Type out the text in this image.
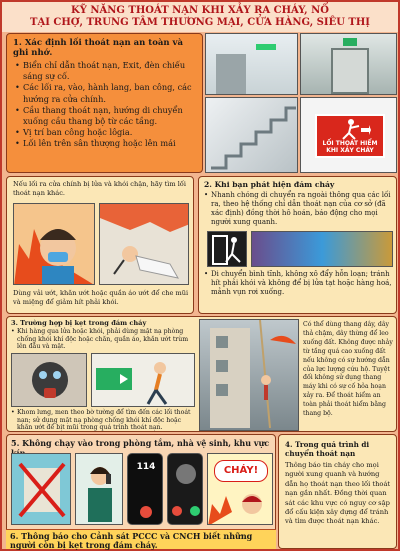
KỸ NĂNG THOÁT NẠN KHI XẢY RA CHÁY, NỔ
TẠI CHỢ, TRUNG TÂM THƯƠNG MẠI, CỬA HÀNG, SIÊU THỊ
1. Xác định lối thoát nạn an toàn và ghi nhớ.
• Biển chỉ dẫn thoát nạn, Exit, đèn chiếu sáng sự cố.
• Các lối ra, vào, hành lang, ban công, các hướng ra cửa chính.
• Cầu thang thoát nạn, hướng di chuyển xuống cầu thang bộ từ các tầng.
• Vị trí ban công hoặc lôgia.
• Lối lên trên sân thượng hoặc lên mái	LỐI THOÁT HIỂM KHI XẢY CHÁY
Nếu lối ra cửa chính bị lửa và khói chặn, hãy tìm lối thoát nạn khác.
Dùng vải ướt, khăn ướt hoặc quần áo ướt để che mũi và miệng để giảm hít phải khói.
2. Khi bạn phát hiện đám cháy
• Nhanh chóng di chuyển ra ngoài thông qua các lối ra, theo hệ thống chỉ dẫn thoát nạn của cơ sở (đã xác định) đồng thời hô hoán, báo động cho mọi người xung quanh.
• Di chuyển bình tĩnh, không xô đẩy hỗn loạn; tránh hít phải khói và không để bị lửa tạt hoặc hàng hoá, mảnh vụn rơi xuống.
3. Trường hợp bị kẹt trong đám cháy
• Khi hàng qua lửa hoặc khói, phải dùng mặt nạ phòng chống khói khí độc hoặc chăn, quần áo, khăn ướt trùm lên đầu và mặt.
• Khom lưng, men theo bờ tường để tìm đến các lối thoát nạn; sử dụng mặt nạ phòng chống khói khí độc hoặc khăn ướt để bịt mũi trong quá trình thoát nạn.
Có thể dùng thang dây, dây thả chậm, dây thừng để leo xuống đất. Không được nhảy từ tầng quá cao xuống đất nếu không có sự hướng dẫn của lực lượng cứu hộ. Tuyệt đối không sử dụng thang máy khi có sự cố hỏa hoạn xảy ra. Để thoát hiểm an toàn phải thoát hiểm bằng thang bộ.
5. Không chạy vào trong phòng tắm, nhà vệ sinh, khu vực
114	CHÁY!
6. Thông báo cho Cảnh sát PCCC và CNCH biết những người còn bị kẹt trong đám cháy.
4. Trong quá trình di chuyển thoát nạn
Thông báo tin cháy cho mọi người xung quanh và hướng dẫn họ thoát nạn theo lối thoát nạn gần nhất. Đồng thời quan sát các khu vực có nguy cơ sập đổ cấu kiện xây dựng để tránh và tìm được thoát nạn khác.
